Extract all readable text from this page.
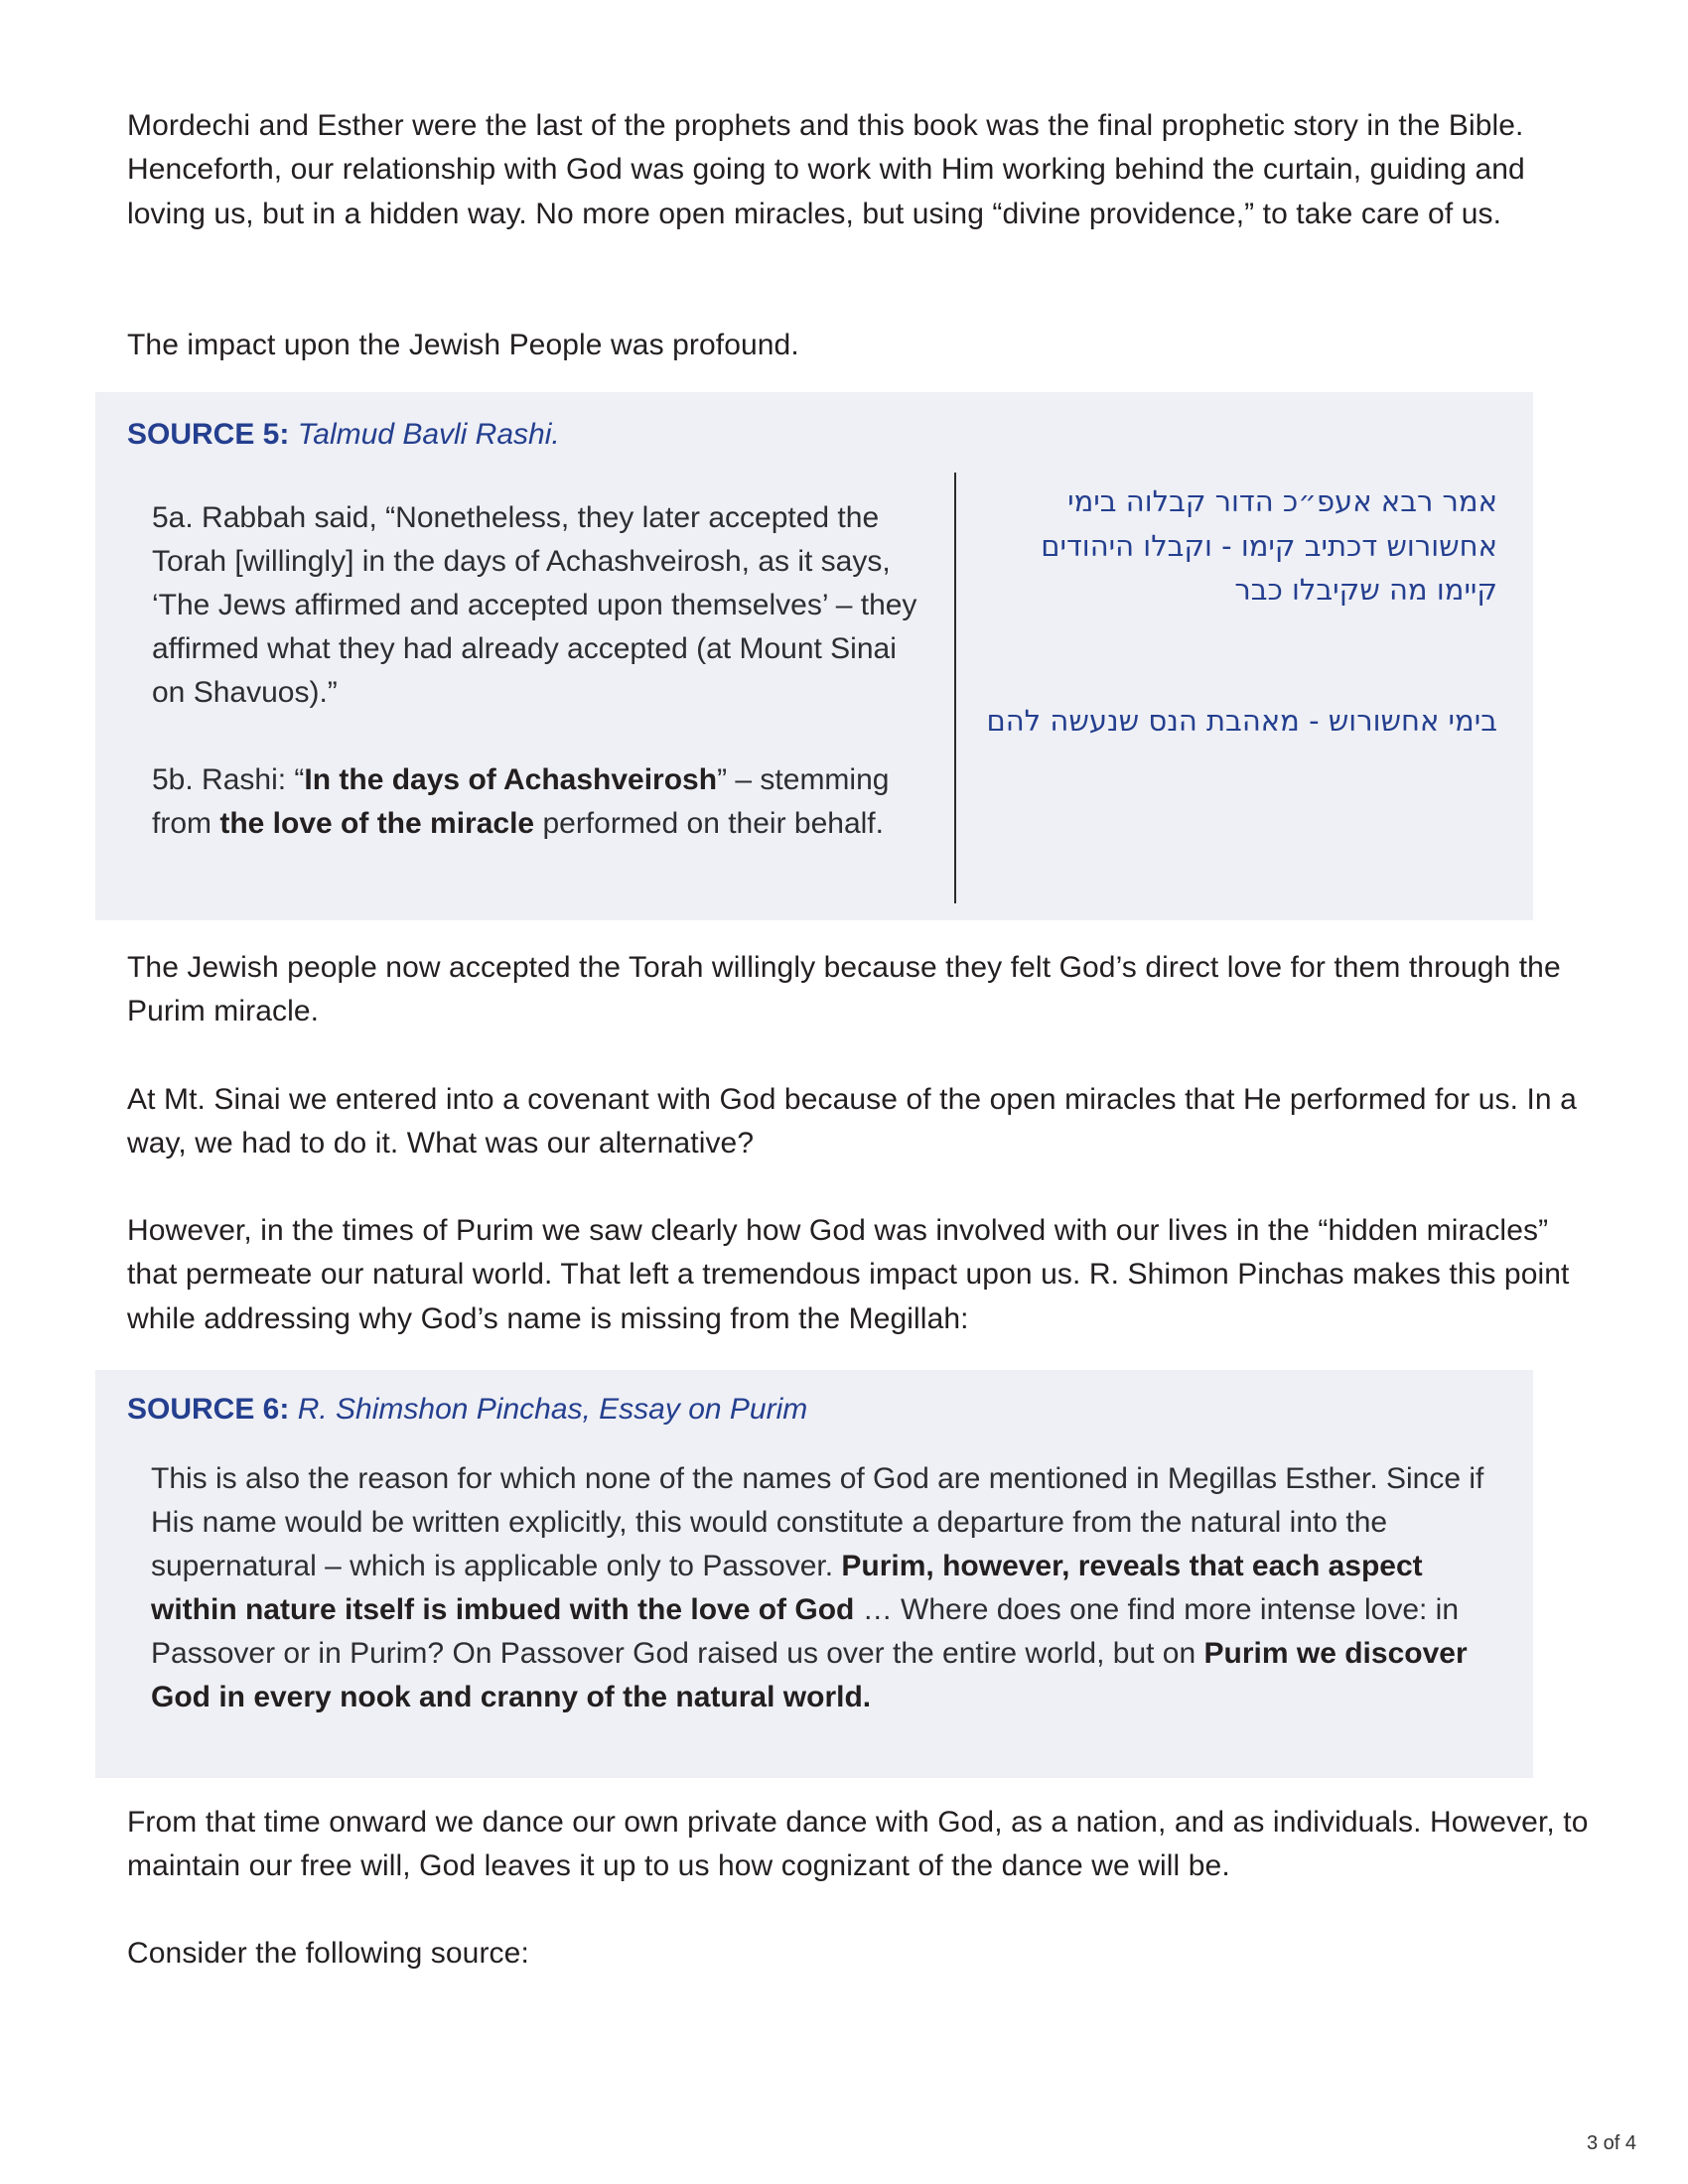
Mordechi and Esther were the last of the prophets and this book was the final prophetic story in the Bible. Henceforth, our relationship with God was going to work with Him working behind the curtain, guiding and loving us, but in a hidden way. No more open miracles, but using “divine providence,” to take care of us.

The impact upon the Jewish People was profound.

SOURCE 5: Talmud Bavli Rashi.

5a. Rabbah said, “Nonetheless, they later accepted the Torah [willingly] in the days of Achashveirosh, as it says, ‘The Jews affirmed and accepted upon themselves’ – they affirmed what they had already accepted (at Mount Sinai on Shavuos).”

5b. Rashi: “In the days of Achashveirosh” – stemming from the love of the miracle performed on their behalf.

אמר רבא אעפ״כ הדור קבלוה בימי אחשורוש דכתיב קימו - וקבלו היהודים קיימו מה שקיבלו כבר

בימי אחשורוש - מאהבת הנס שנעשה להם

The Jewish people now accepted the Torah willingly because they felt God’s direct love for them through the Purim miracle.

At Mt. Sinai we entered into a covenant with God because of the open miracles that He performed for us. In a way, we had to do it. What was our alternative?

However, in the times of Purim we saw clearly how God was involved with our lives in the “hidden miracles” that permeate our natural world. That left a tremendous impact upon us. R. Shimon Pinchas makes this point while addressing why God’s name is missing from the Megillah:

SOURCE 6: R. Shimshon Pinchas, Essay on Purim

This is also the reason for which none of the names of God are mentioned in Megillas Esther. Since if His name would be written explicitly, this would constitute a departure from the natural into the supernatural – which is applicable only to Passover. Purim, however, reveals that each aspect within nature itself is imbued with the love of God … Where does one find more intense love: in Passover or in Purim? On Passover God raised us over the entire world, but on Purim we discover God in every nook and cranny of the natural world.

From that time onward we dance our own private dance with God, as a nation, and as individuals. However, to maintain our free will, God leaves it up to us how cognizant of the dance we will be.

Consider the following source:

3 of 4
